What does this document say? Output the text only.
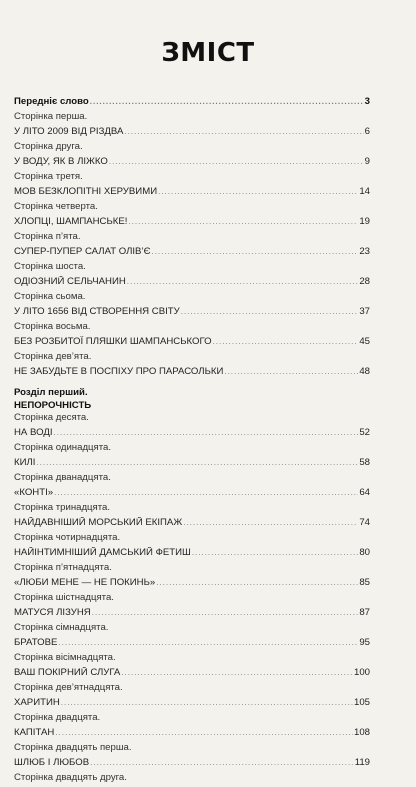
ЗМІСТ
Передніє слово .....	3
Сторінка перша.
У ЛІТО 2009 ВІД РІЗДВА .....	6
Сторінка друга.
У ВОДУ, ЯК В ЛІЖКО .....	9
Сторінка третя.
МОВ БЕЗКЛОПІТНІ ХЕРУВИМИ .....	14
Сторінка четверта.
ХЛОПЦІ, ШАМПАНСЬКЕ! .....	19
Сторінка п’ята.
СУПЕР-ПУПЕР САЛАТ ОЛІВ’Є .....	23
Сторінка шоста.
ОДІОЗНИЙ СЕЛЬЧАНИН .....	28
Сторінка сьома.
У ЛІТО 1656 ВІД СТВОРЕННЯ СВІТУ .....	37
Сторінка восьма.
БЕЗ РОЗБИТОЇ ПЛЯШКИ ШАМПАНСЬКОГО .....	45
Сторінка дев’ята.
НЕ ЗАБУДЬТЕ В ПОСПІХУ ПРО ПАРАСОЛЬКИ .....	48
Розділ перший.
НЕПОРОЧНІСТЬ
Сторінка десята.
НА ВОДІ .....	52
Сторінка одинадцята.
КИЛІ .....	58
Сторінка дванадцята.
«КОНТІ» .....	64
Сторінка тринадцята.
НАЙДАВНІШИЙ МОРСЬКИЙ ЕКІПАЖ .....	74
Сторінка чотирнадцята.
НАЙІНТИМНІШИЙ ДАМСЬКИЙ ФЕТИШ .....	80
Сторінка п’ятнадцята.
«ЛЮБИ МЕНЕ — НЕ ПОКИНЬ» .....	85
Сторінка шістнадцята.
МАТУСЯ ЛІЗУНЯ .....	87
Сторінка сімнадцята.
БРАТОВЕ .....	95
Сторінка вісімнадцята.
ВАШ ПОКІРНИЙ СЛУГА .....	100
Сторінка дев’ятнадцята.
ХАРИТИН .....	105
Сторінка двадцята.
КАПІТАН .....	108
Сторінка двадцять перша.
ШЛЮБ І ЛЮБОВ .....	119
Сторінка двадцять друга.
